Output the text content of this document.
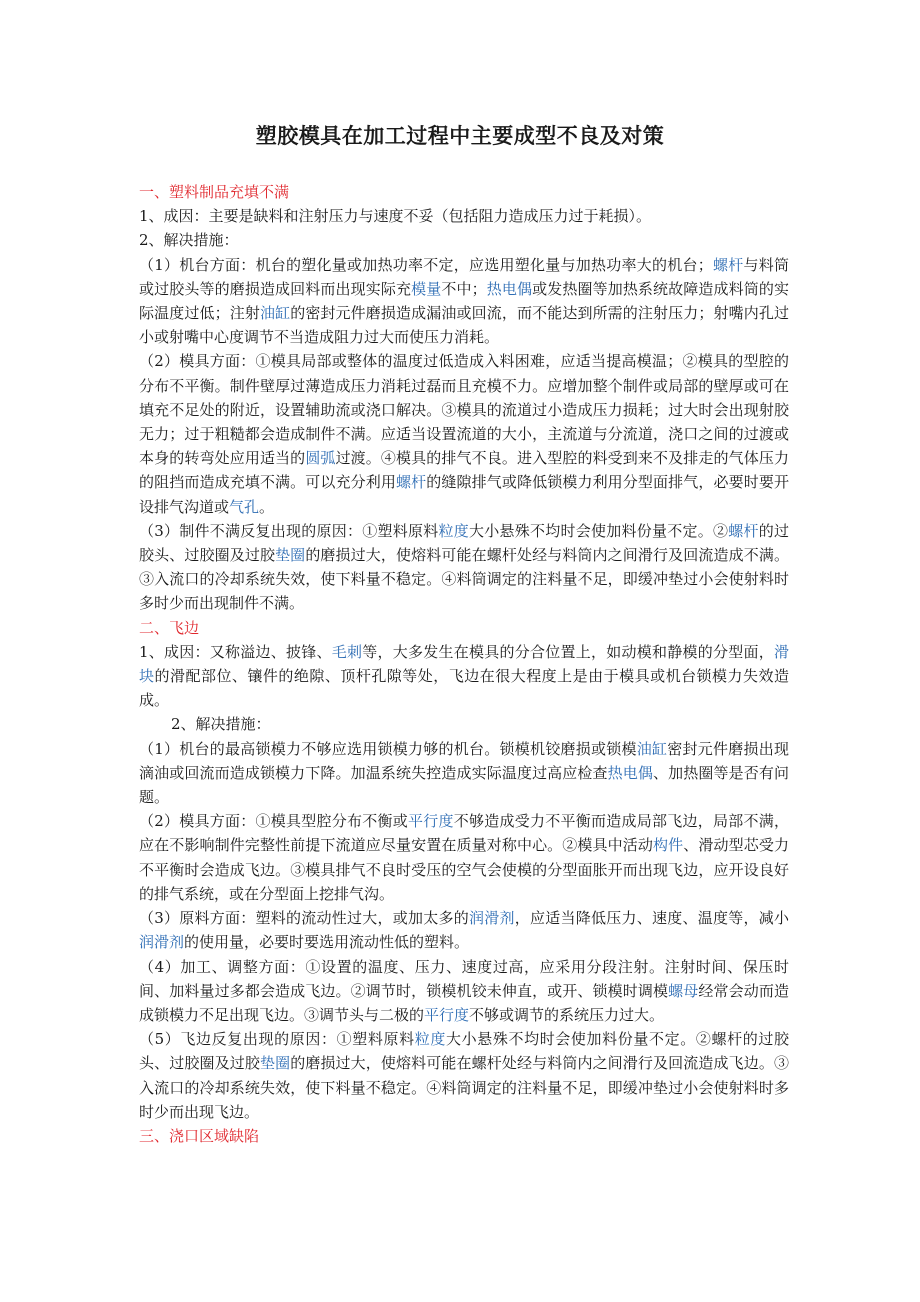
塑胶模具在加工过程中主要成型不良及对策

一、塑料制品充填不满

1、成因：主要是缺料和注射压力与速度不妥（包括阻力造成压力过于耗损）。

2、解决措施：

（1）机台方面：机台的塑化量或加热功率不定，应选用塑化量与加热功率大的机台；螺杆与料筒或过胶头等的磨损造成回料而出现实际充模量不中；热电偶或发热圈等加热系统故障造成料筒的实际温度过低；注射油缸的密封元件磨损造成漏油或回流，而不能达到所需的注射压力；射嘴内孔过小或射嘴中心度调节不当造成阻力过大而使压力消耗。

（2）模具方面：①模具局部或整体的温度过低造成入料困难，应适当提高模温；②模具的型腔的分布不平衡。制件壁厚过薄造成压力消耗过磊而且充模不力。应增加整个制件或局部的壁厚或可在填充不足处的附近，设置辅助流或浇口解决。③模具的流道过小造成压力损耗；过大时会出现射胶无力；过于粗糙都会造成制件不满。应适当设置流道的大小，主流道与分流道，浇口之间的过渡或本身的转弯处应用适当的圆弧过渡。④模具的排气不良。进入型腔的料受到来不及排走的气体压力的阻挡而造成充填不满。可以充分利用螺杆的缝隙排气或降低锁模力利用分型面排气，必要时要开设排气沟道或气孔。

（3）制件不满反复出现的原因：①塑料原料粒度大小悬殊不均时会使加料份量不定。②螺杆的过胶头、过胶圈及过胶垫圈的磨损过大，使熔料可能在螺杆处经与料筒内之间滑行及回流造成不满。③入流口的冷却系统失效，使下料量不稳定。④料筒调定的注料量不足，即缓冲垫过小会使射料时多时少而出现制件不满。

二、飞边

1、成因：又称溢边、披锋、毛刺等，大多发生在模具的分合位置上，如动模和静模的分型面，滑块的滑配部位、镶件的绝隙、顶杆孔隙等处，飞边在很大程度上是由于模具或机台锁模力失效造成。

2、解决措施：

（1）机台的最高锁模力不够应选用锁模力够的机台。锁模机铰磨损或锁模油缸密封元件磨损出现滴油或回流而造成锁模力下降。加温系统失控造成实际温度过高应检查热电偶、加热圈等是否有问题。

（2）模具方面：①模具型腔分布不衡或平行度不够造成受力不平衡而造成局部飞边，局部不满，应在不影响制件完整性前提下流道应尽量安置在质量对称中心。②模具中活动构件、滑动型芯受力不平衡时会造成飞边。③模具排气不良时受压的空气会使模的分型面胀开而出现飞边，应开设良好的排气系统，或在分型面上挖排气沟。

（3）原料方面：塑料的流动性过大，或加太多的润滑剂，应适当降低压力、速度、温度等，减小润滑剂的使用量，必要时要选用流动性低的塑料。

（4）加工、调整方面：①设置的温度、压力、速度过高，应采用分段注射。注射时间、保压时间、加料量过多都会造成飞边。②调节时，锁模机铰未伸直，或开、锁模时调模螺母经常会动而造成锁模力不足出现飞边。③调节头与二极的平行度不够或调节的系统压力过大。

（5）飞边反复出现的原因：①塑料原料粒度大小悬殊不均时会使加料份量不定。②螺杆的过胶头、过胶圈及过胶垫圈的磨损过大，使熔料可能在螺杆处经与料筒内之间滑行及回流造成飞边。③入流口的冷却系统失效，使下料量不稳定。④料筒调定的注料量不足，即缓冲垫过小会使射料时多时少而出现飞边。

三、浇口区域缺陷
